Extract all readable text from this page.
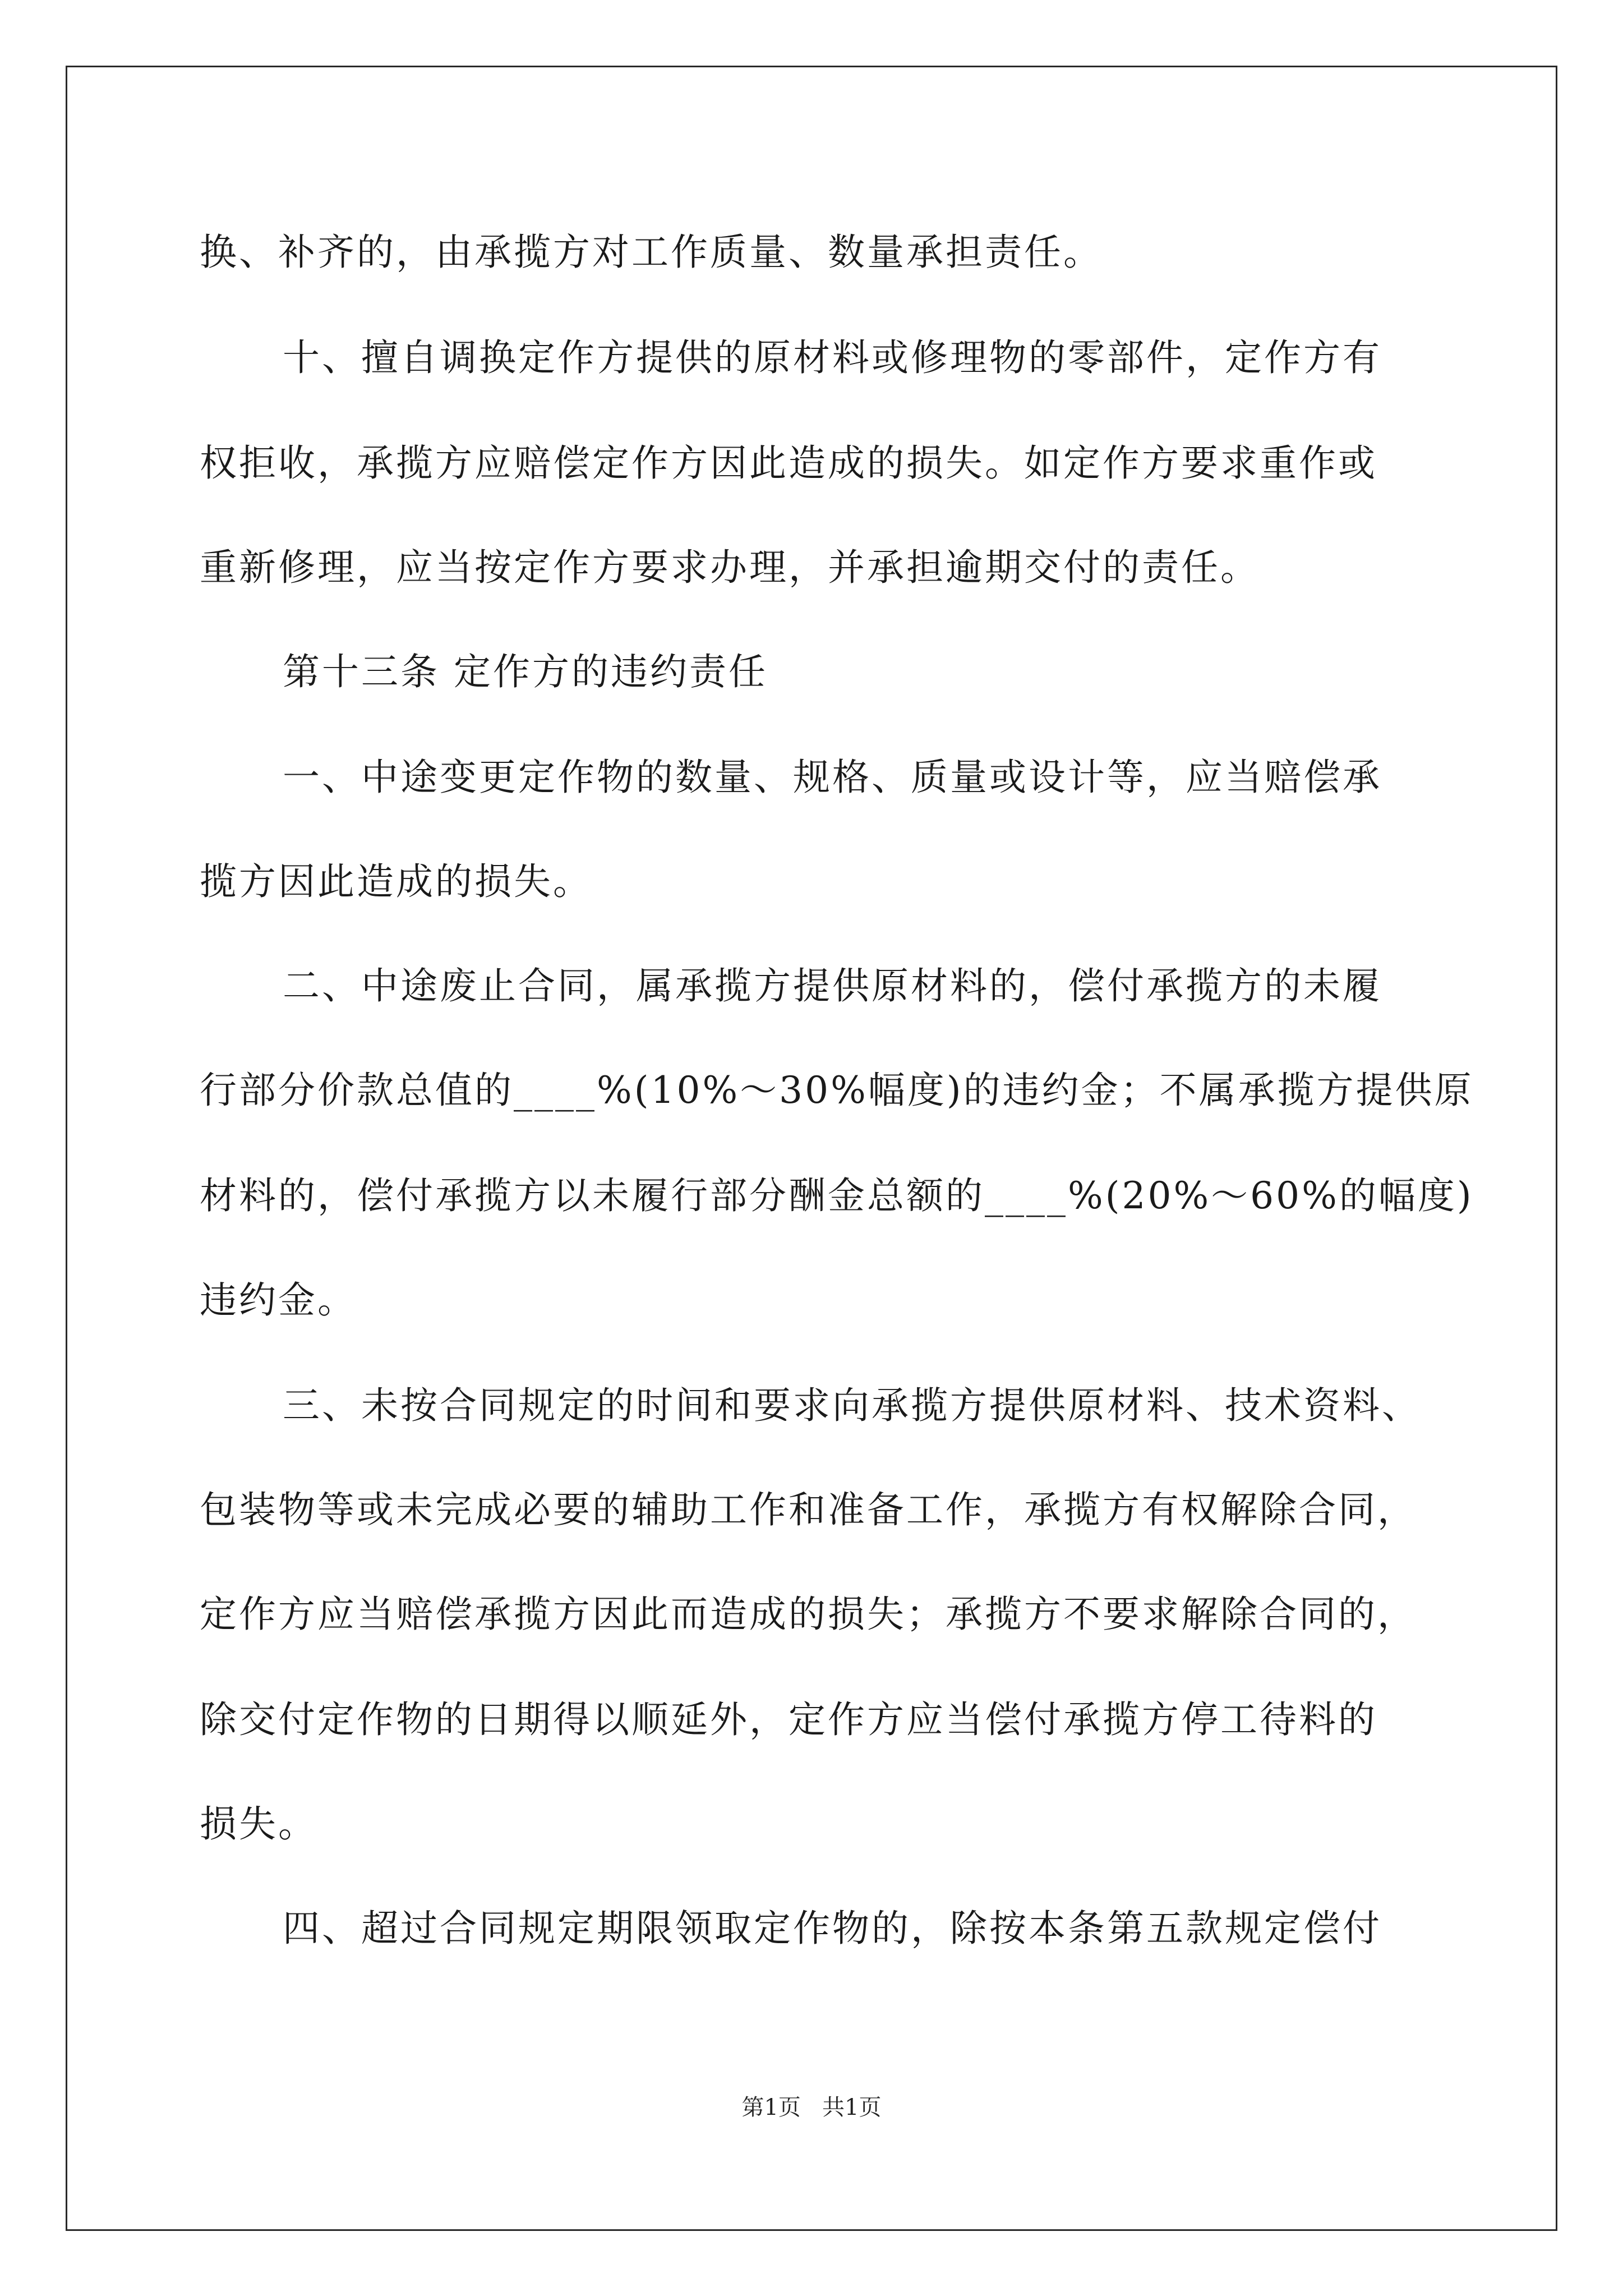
换、补齐的，由承揽方对工作质量、数量承担责任。
十、擅自调换定作方提供的原材料或修理物的零部件，定作方有
权拒收，承揽方应赔偿定作方因此造成的损失。如定作方要求重作或
重新修理，应当按定作方要求办理，并承担逾期交付的责任。
第十三条 定作方的违约责任
一、中途变更定作物的数量、规格、质量或设计等，应当赔偿承
揽方因此造成的损失。
二、中途废止合同，属承揽方提供原材料的，偿付承揽方的未履
行部分价款总值的____%(10%～30%幅度)的违约金；不属承揽方提供原
材料的，偿付承揽方以未履行部分酬金总额的____%(20%～60%的幅度)
违约金。
三、未按合同规定的时间和要求向承揽方提供原材料、技术资料、
包装物等或未完成必要的辅助工作和准备工作，承揽方有权解除合同，
定作方应当赔偿承揽方因此而造成的损失；承揽方不要求解除合同的，
除交付定作物的日期得以顺延外，定作方应当偿付承揽方停工待料的
损失。
四、超过合同规定期限领取定作物的，除按本条第五款规定偿付
第1页   共1页
